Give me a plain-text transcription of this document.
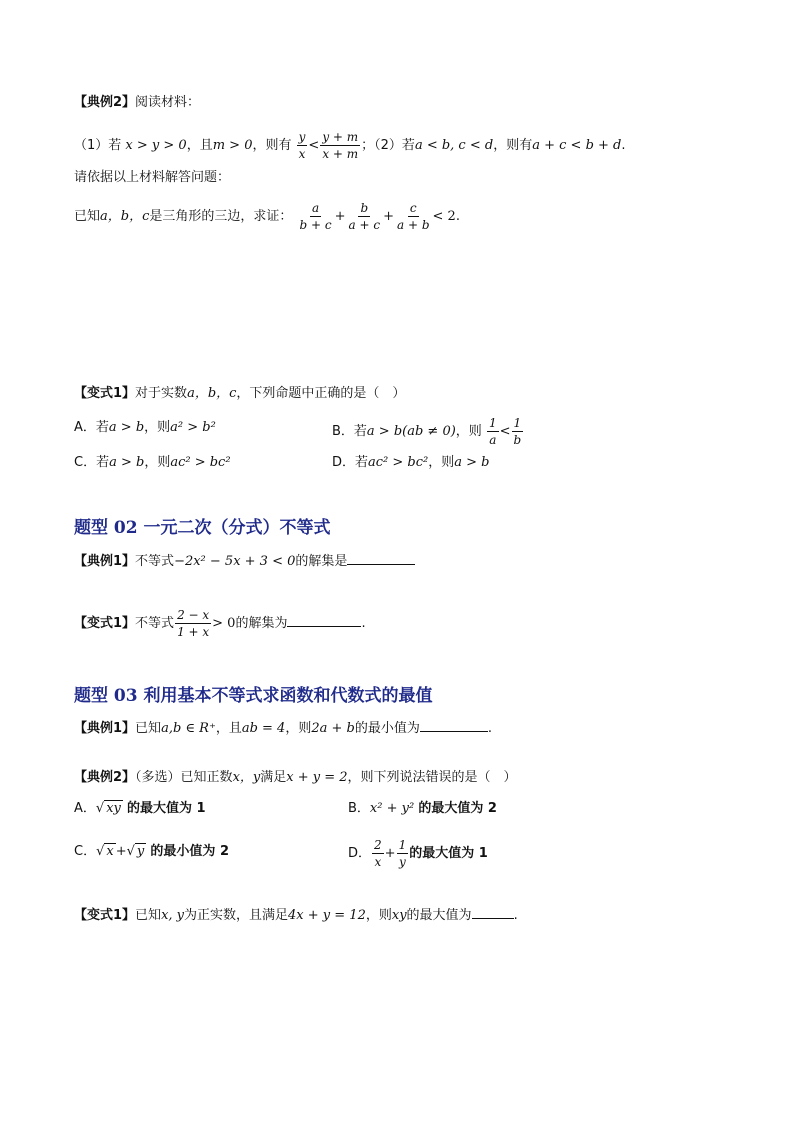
【典例2】阅读材料：
（1）若 x > y > 0，且m > 0，则有 $\frac{y}{x} < \frac{y + m}{x + m}$ ；（2）若a < b, c < d，则有a + c < b + d.
请依据以上材料解答问题：
已知a，b，c是三角形的三边，求证： $\frac{a}{b + c} + \frac{b}{a + c} + \frac{c}{a + b} < 2$.
【变式1】对于实数a，b，c，下列命题中正确的是（　）
A．若a > b，则a² > b²	B．若a > b(ab ≠ 0)，则 $\frac{1}{a} < \frac{1}{b}$
C．若a > b，则ac² > bc²	D．若ac² > bc²，则a > b
题型 02 一元二次（分式）不等式
【典例1】不等式−2x² − 5x + 3 < 0的解集是
【变式1】不等式 $\frac{2 - x}{1 + x} > 0$的解集为	.
题型 03 利用基本不等式求函数和代数式的最值
【典例1】已知a,b ∈ R⁺，且ab = 4，则2a + b的最小值为	.
【典例2】（多选）已知正数x，y满足x + y = 2，则下列说法错误的是（　）
A．√ xy 的最大值为 1	B．x² + y² 的最大值为 2
C．√ x +√ y 的最小值为 2	D． $\frac{2}{x} + \frac{1}{y}$ 的最大值为 1
【变式1】已知x, y为正实数，且满足4x + y = 12，则xy的最大值为	.
